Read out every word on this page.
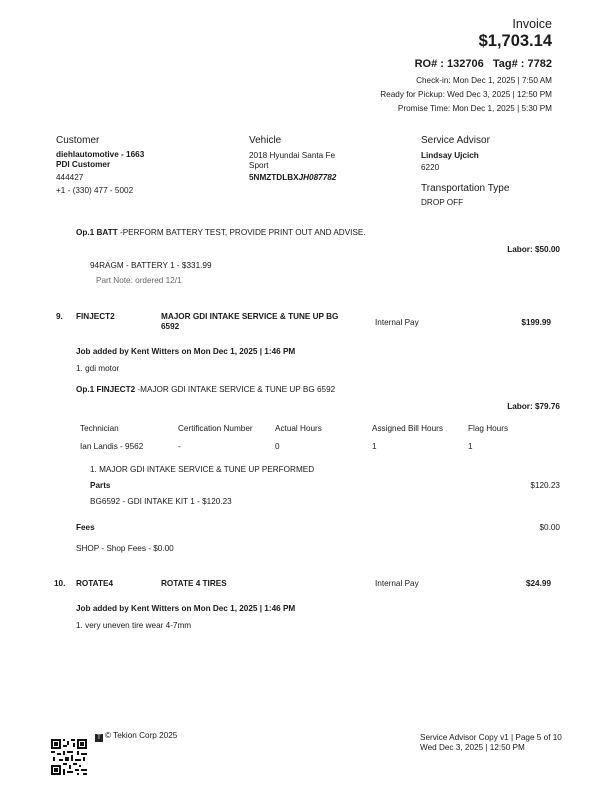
Invoice
$1,703.14
RO# : 132706 Tag# : 7782
Check-in: Mon Dec 1, 2025 | 7:50 AM
Ready for Pickup: Wed Dec 3, 2025 | 12:50 PM
Promise Time: Mon Dec 1, 2025 | 5:30 PM
Customer
diehlautomotive - 1663
PDI Customer
444427
+1 - (330) 477 - 5002
Vehicle
2018 Hyundai Santa Fe
Sport
5NMZTDLBXJH087782
Service Advisor
Lindsay Ujcich
6220
Transportation Type
DROP OFF
Op.1 BATT -PERFORM BATTERY TEST, PROVIDE PRINT OUT AND ADVISE.
Labor: $50.00
94RAGM - BATTERY 1 - $331.99
Part Note: ordered 12/1
9. FINJECT2	MAJOR GDI INTAKE SERVICE & TUNE UP BG
6592	Internal Pay	$199.99
Job added by Kent Witters on Mon Dec 1, 2025 | 1:46 PM
1. gdi motor
Op.1 FINJECT2 -MAJOR GDI INTAKE SERVICE & TUNE UP BG 6592
Labor: $79.76
Technician	Certification Number	Actual Hours	Assigned Bill Hours	Flag Hours
Ian Landis - 9562	-	0	1	1
1. MAJOR GDI INTAKE SERVICE & TUNE UP PERFORMED
Parts	$120.23
BG6592 - GDI INTAKE KIT 1 - $120.23
Fees	$0.00
SHOP - Shop Fees - $0.00
10. ROTATE4	ROTATE 4 TIRES	Internal Pay	$24.99
Job added by Kent Witters on Mon Dec 1, 2025 | 1:46 PM
1. very uneven tire wear 4-7mm
T © Tekion Corp 2025	Service Advisor Copy v1 | Page 5 of 10
Wed Dec 3, 2025 | 12:50 PM
